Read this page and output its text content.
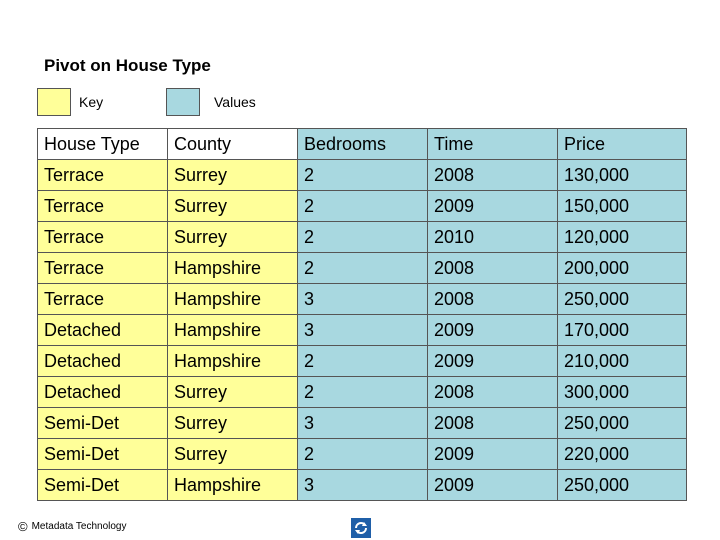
Pivot on House Type
Key	Values
House Type	County	Bedrooms	Time	Price
Terrace	Surrey	2	2008	130,000
Terrace	Surrey	2	2009	150,000
Terrace	Surrey	2	2010	120,000
Terrace	Hampshire	2	2008	200,000
Terrace	Hampshire	3	2008	250,000
Detached	Hampshire	3	2009	170,000
Detached	Hampshire	2	2009	210,000
Detached	Surrey	2	2008	300,000
Semi-Det	Surrey	3	2008	250,000
Semi-Det	Surrey	2	2009	220,000
Semi-Det	Hampshire	3	2009	250,000
© Metadata Technology
